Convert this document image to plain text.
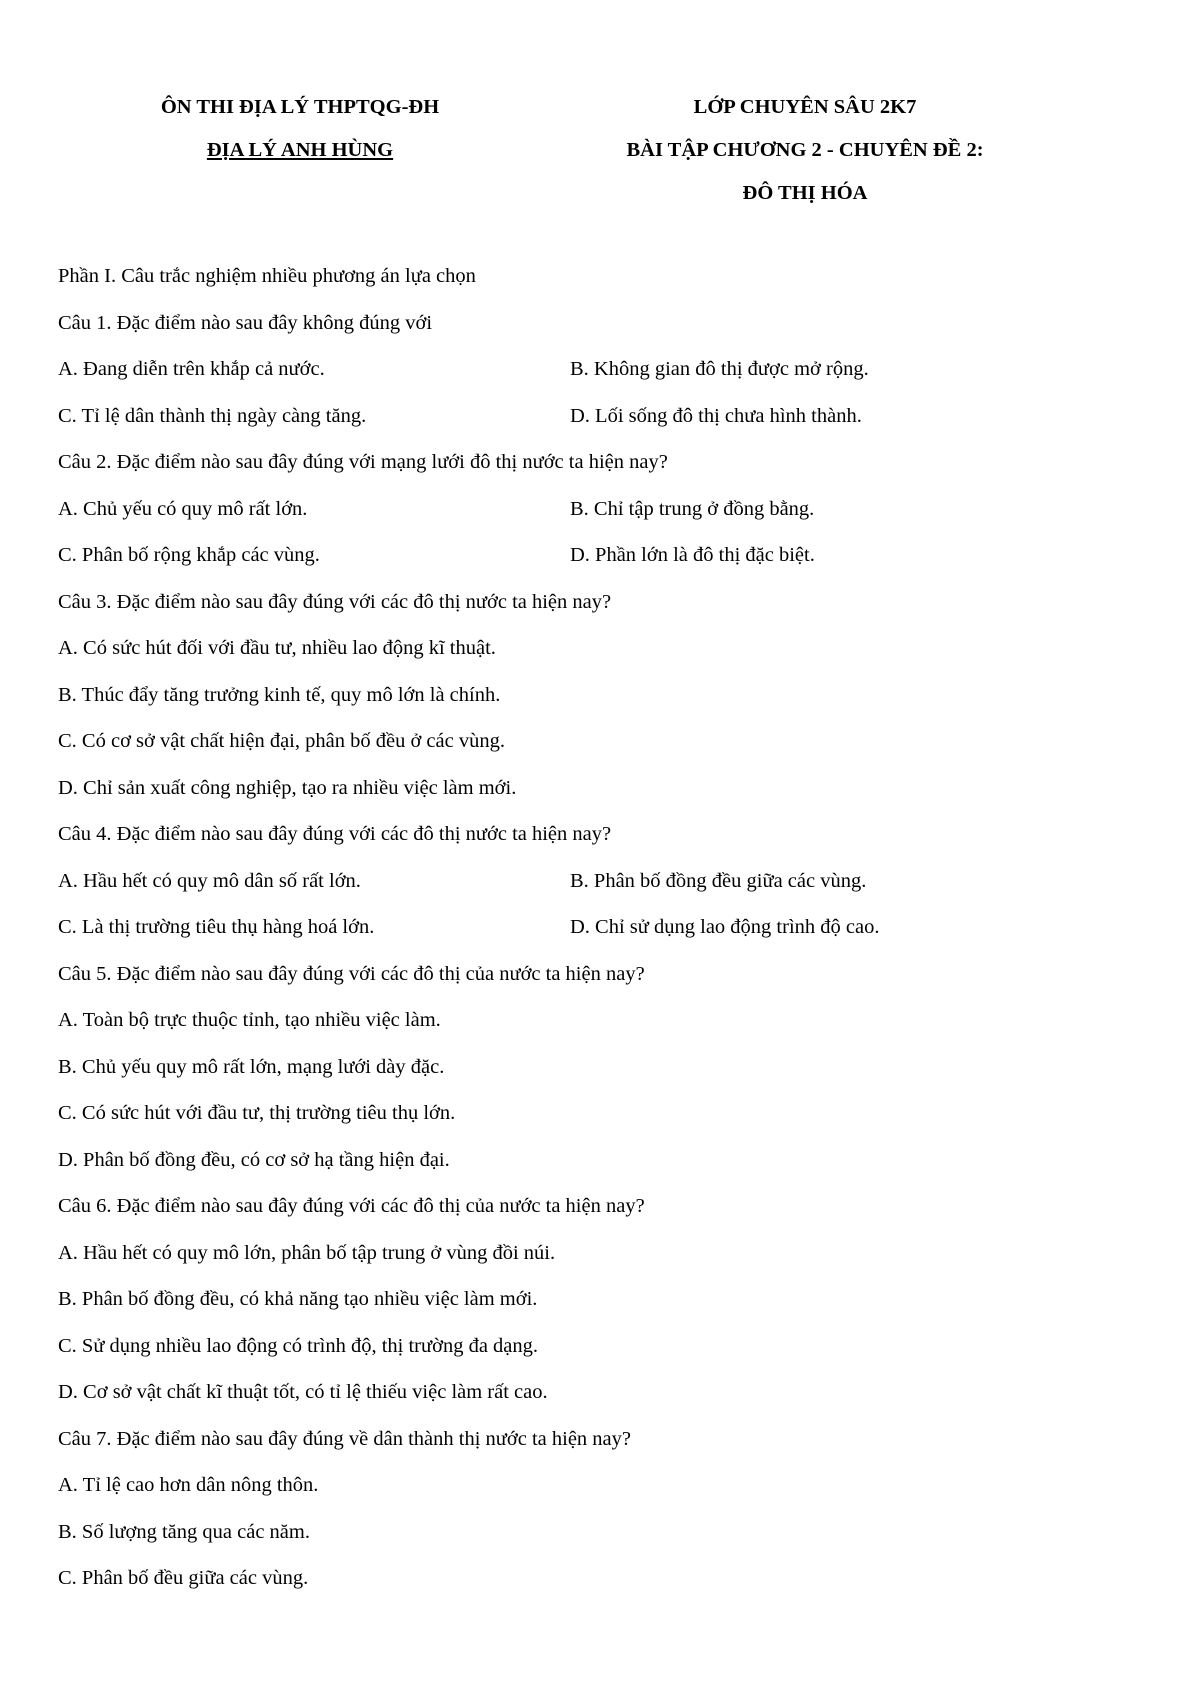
ÔN THI ĐỊA LÝ THPTQG-ĐH
ĐỊA LÝ ANH HÙNG
LỚP CHUYÊN SÂU 2K7
BÀI TẬP CHƯƠNG 2 - CHUYÊN ĐỀ 2:
ĐÔ THỊ HÓA
Phần I. Câu trắc nghiệm nhiều phương án lựa chọn
Câu 1. Đặc điểm nào sau đây không đúng với
A. Đang diễn trên khắp cả nước.	B. Không gian đô thị được mở rộng.
C. Tỉ lệ dân thành thị ngày càng tăng.	D. Lối sống đô thị chưa hình thành.
Câu 2. Đặc điểm nào sau đây đúng với mạng lưới đô thị nước ta hiện nay?
A. Chủ yếu có quy mô rất lớn.	B. Chỉ tập trung ở đồng bằng.
C. Phân bố rộng khắp các vùng.	D. Phần lớn là đô thị đặc biệt.
Câu 3. Đặc điểm nào sau đây đúng với các đô thị nước ta hiện nay?
A. Có sức hút đối với đầu tư, nhiều lao động kĩ thuật.
B. Thúc đẩy tăng trưởng kinh tế, quy mô lớn là chính.
C. Có cơ sở vật chất hiện đại, phân bố đều ở các vùng.
D. Chỉ sản xuất công nghiệp, tạo ra nhiều việc làm mới.
Câu 4. Đặc điểm nào sau đây đúng với các đô thị nước ta hiện nay?
A. Hầu hết có quy mô dân số rất lớn.	B. Phân bố đồng đều giữa các vùng.
C. Là thị trường tiêu thụ hàng hoá lớn.	D. Chỉ sử dụng lao động trình độ cao.
Câu 5. Đặc điểm nào sau đây đúng với các đô thị của nước ta hiện nay?
A. Toàn bộ trực thuộc tỉnh, tạo nhiều việc làm.
B. Chủ yếu quy mô rất lớn, mạng lưới dày đặc.
C. Có sức hút với đầu tư, thị trường tiêu thụ lớn.
D. Phân bố đồng đều, có cơ sở hạ tầng hiện đại.
Câu 6. Đặc điểm nào sau đây đúng với các đô thị của nước ta hiện nay?
A. Hầu hết có quy mô lớn, phân bố tập trung ở vùng đồi núi.
B. Phân bố đồng đều, có khả năng tạo nhiều việc làm mới.
C. Sử dụng nhiều lao động có trình độ, thị trường đa dạng.
D. Cơ sở vật chất kĩ thuật tốt, có tỉ lệ thiếu việc làm rất cao.
Câu 7. Đặc điểm nào sau đây đúng về dân thành thị nước ta hiện nay?
A. Tỉ lệ cao hơn dân nông thôn.
B. Số lượng tăng qua các năm.
C. Phân bố đều giữa các vùng.
